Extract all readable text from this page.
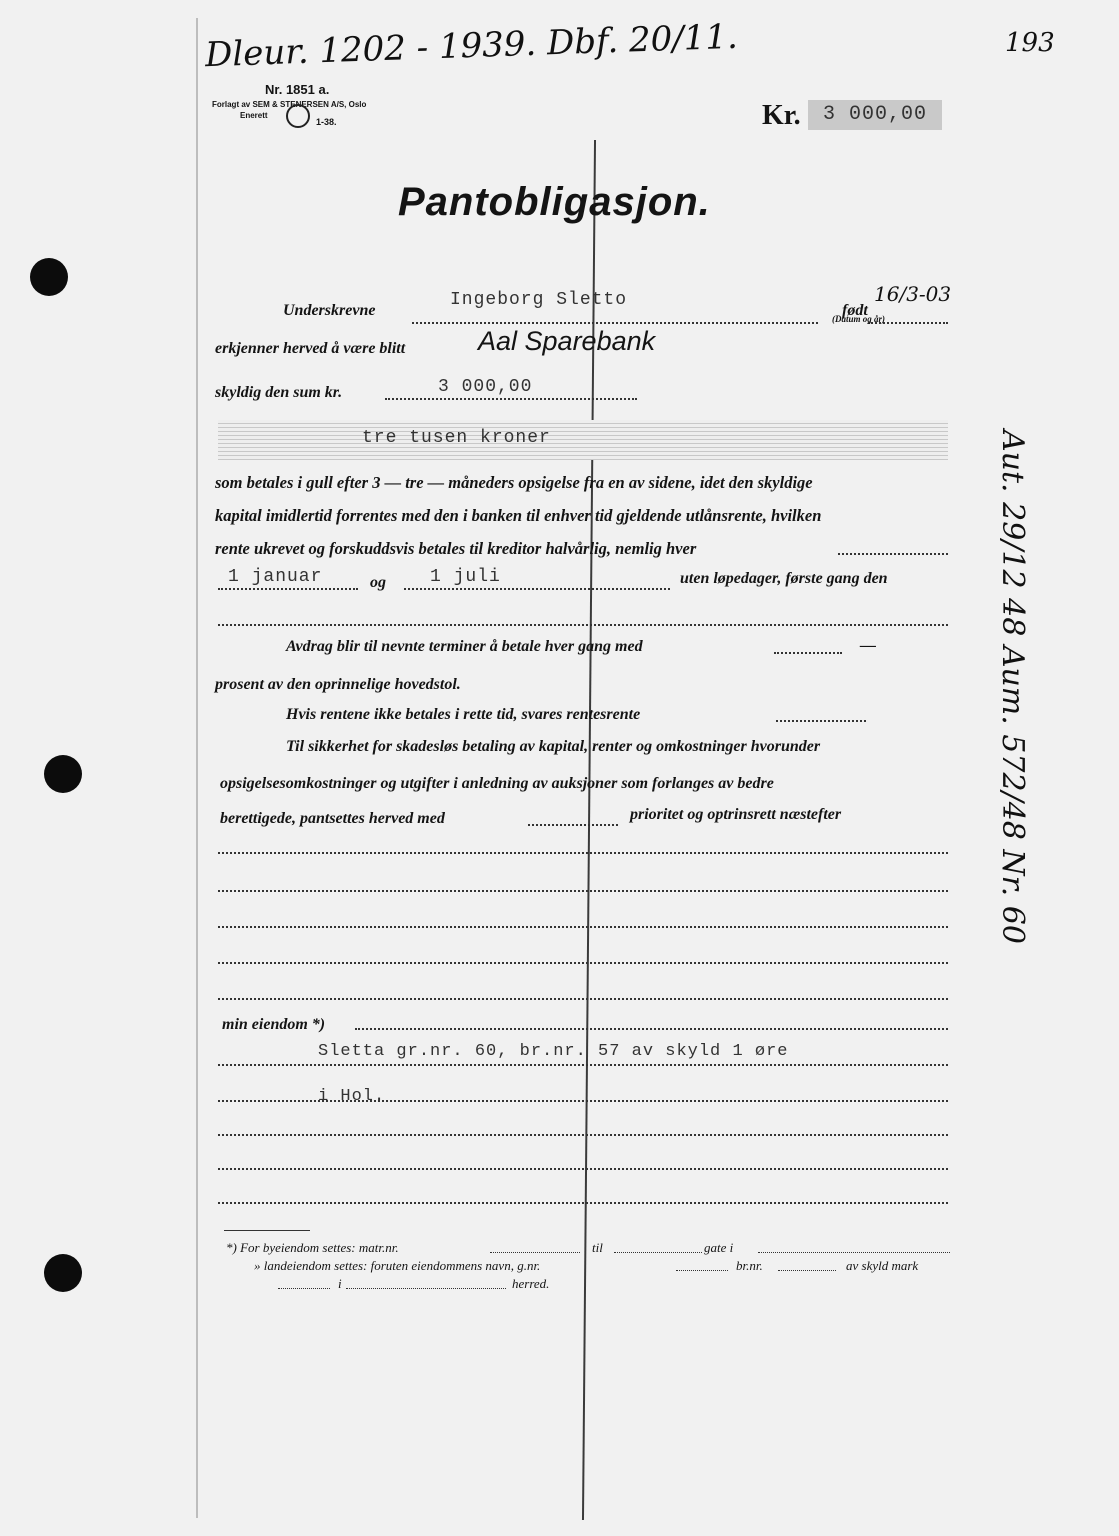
Dleur. 1202 - 1939. Dbf. 20/11.	193
Nr. 1851 a.
Forlagt av SEM & STENERSEN A/S, Oslo
Enerett
1-38.	Kr.	3 000,00
Pantobligasjon.
Underskrevne
Ingeborg Sletto
født
16/3-03
(Datum og år)
erkjenner herved å være blitt	Aal Sparebank
skyldig den sum kr.	3 000,00
tre tusen kroner
som betales i gull efter 3 — tre — måneders opsigelse fra en av sidene, idet den skyldige
kapital imidlertid forrentes med den i banken til enhver tid gjeldende utlånsrente, hvilken
rente ukrevet og forskuddsvis betales til kreditor halvårlig, nemlig hver
1 januar	og 1 juli	uten løpedager, første gang den
Avdrag blir til nevnte terminer å betale hver gang med	—
prosent av den oprinnelige hovedstol.
Hvis rentene ikke betales i rette tid, svares rentesrente
Til sikkerhet for skadesløs betaling av kapital, renter og omkostninger hvorunder
opsigelsesomkostninger og utgifter i anledning av auksjoner som forlanges av bedre
berettigede, pantsettes herved med	prioritet og optrinsrett næstefter
min eiendom *)
Sletta gr.nr. 60, br.nr. 57 av skyld 1 øre
i Hol.
*) For byeiendom settes: matr.nr.	til	gate i
» landeiendom settes: foruten eiendommens navn, g.nr.	br.nr.	av skyld mark
i	herred.
Aut. 29/12 48 Aum. 572/48 Nr. 60
